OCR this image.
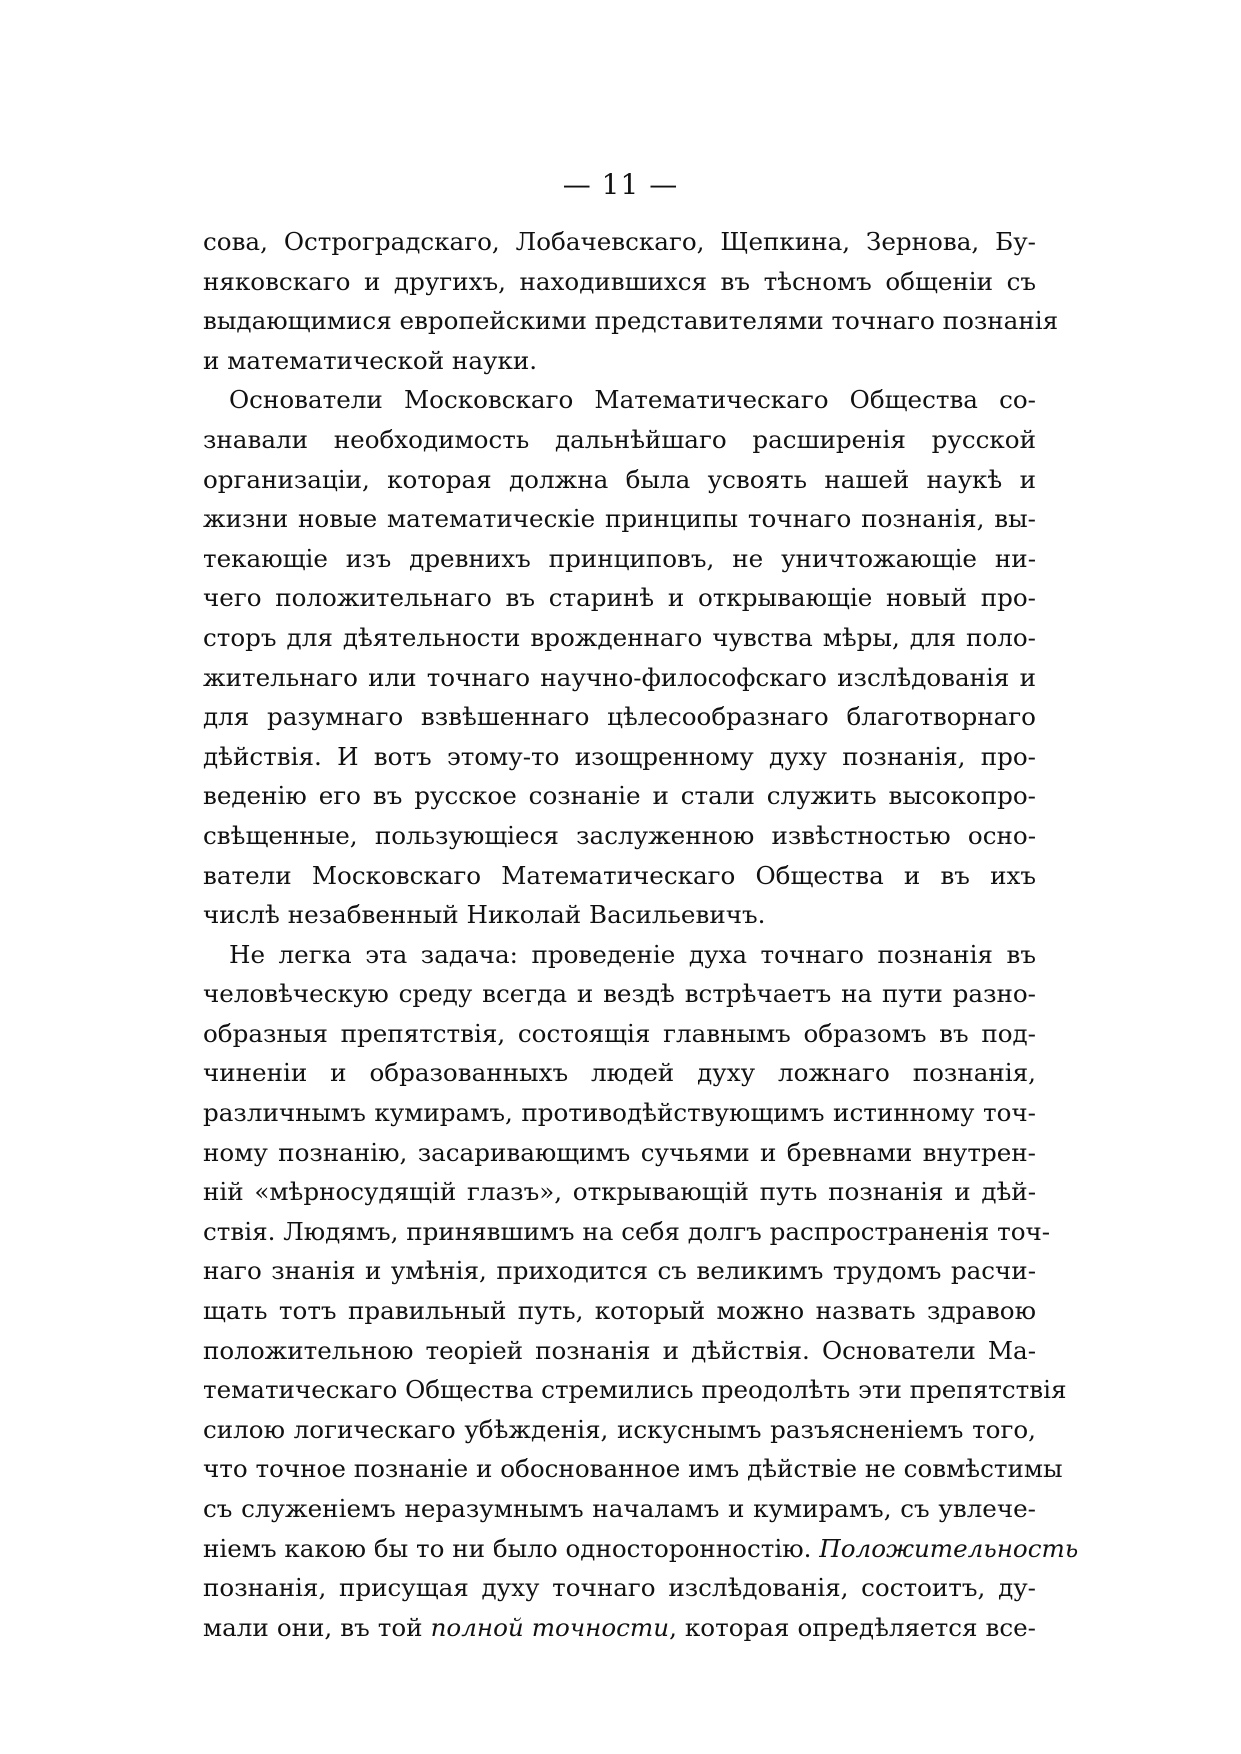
— 11 —
сова, Остроградскаго, Лобачевскаго, Щепкина, Зернова, Бу-
няковскаго и другихъ, находившихся въ тѣсномъ общенiи съ
выдающимися европейскими представителями точнаго познанiя
и математической науки.
Основатели Московскаго Математическаго Общества со-
знавали необходимость дальнѣйшаго расширенiя русской
организацiи, которая должна была усвоять нашей наукѣ и
жизни новые математическiе принципы точнаго познанiя, вы-
текающiе изъ древнихъ принциповъ, не уничтожающiе ни-
чего положительнаго въ старинѣ и открывающiе новый про-
сторъ для дѣятельности врожденнаго чувства мѣры, для поло-
жительнаго или точнаго научно-философскаго изслѣдованiя и
для разумнаго взвѣшеннаго цѣлесообразнаго благотворнаго
дѣйствiя. И вотъ этому-то изощренному духу познанiя, про-
веденiю его въ русское сознанiе и стали служить высокопро-
свѣщенные, пользующiеся заслуженною извѣстностью осно-
ватели Московскаго Математическаго Общества и въ ихъ
числѣ незабвенный Николай Васильевичъ.
Не легка эта задача: проведенiе духа точнаго познанiя въ
человѣческую среду всегда и вездѣ встрѣчаетъ на пути разно-
образныя препятствiя, состоящiя главнымъ образомъ въ под-
чиненiи и образованныхъ людей духу ложнаго познанiя,
различнымъ кумирамъ, противодѣйствующимъ истинному точ-
ному познанiю, засаривающимъ сучьями и бревнами внутрен-
нiй «мѣрносудящiй глазъ», открывающiй путь познанiя и дѣй-
ствiя. Людямъ, принявшимъ на себя долгъ распространенiя точ-
наго знанiя и умѣнiя, приходится съ великимъ трудомъ расчи-
щать тотъ правильный путь, который можно назвать здравою
положительною теорiей познанiя и дѣйствiя. Основатели Ма-
тематическаго Общества стремились преодолѣть эти препятствiя
силою логическаго убѣжденiя, искуснымъ разъясненiемъ того,
что точное познанiе и обоснованное имъ дѣйствiе не совмѣстимы
съ служенiемъ неразумнымъ началамъ и кумирамъ, съ увлече-
нiемъ какою бы то ни было односторонностiю. Положительность
познанiя, присущая духу точнаго изслѣдованiя, состоитъ, ду-
мали они, въ той полной точности, которая опредѣляется все-
